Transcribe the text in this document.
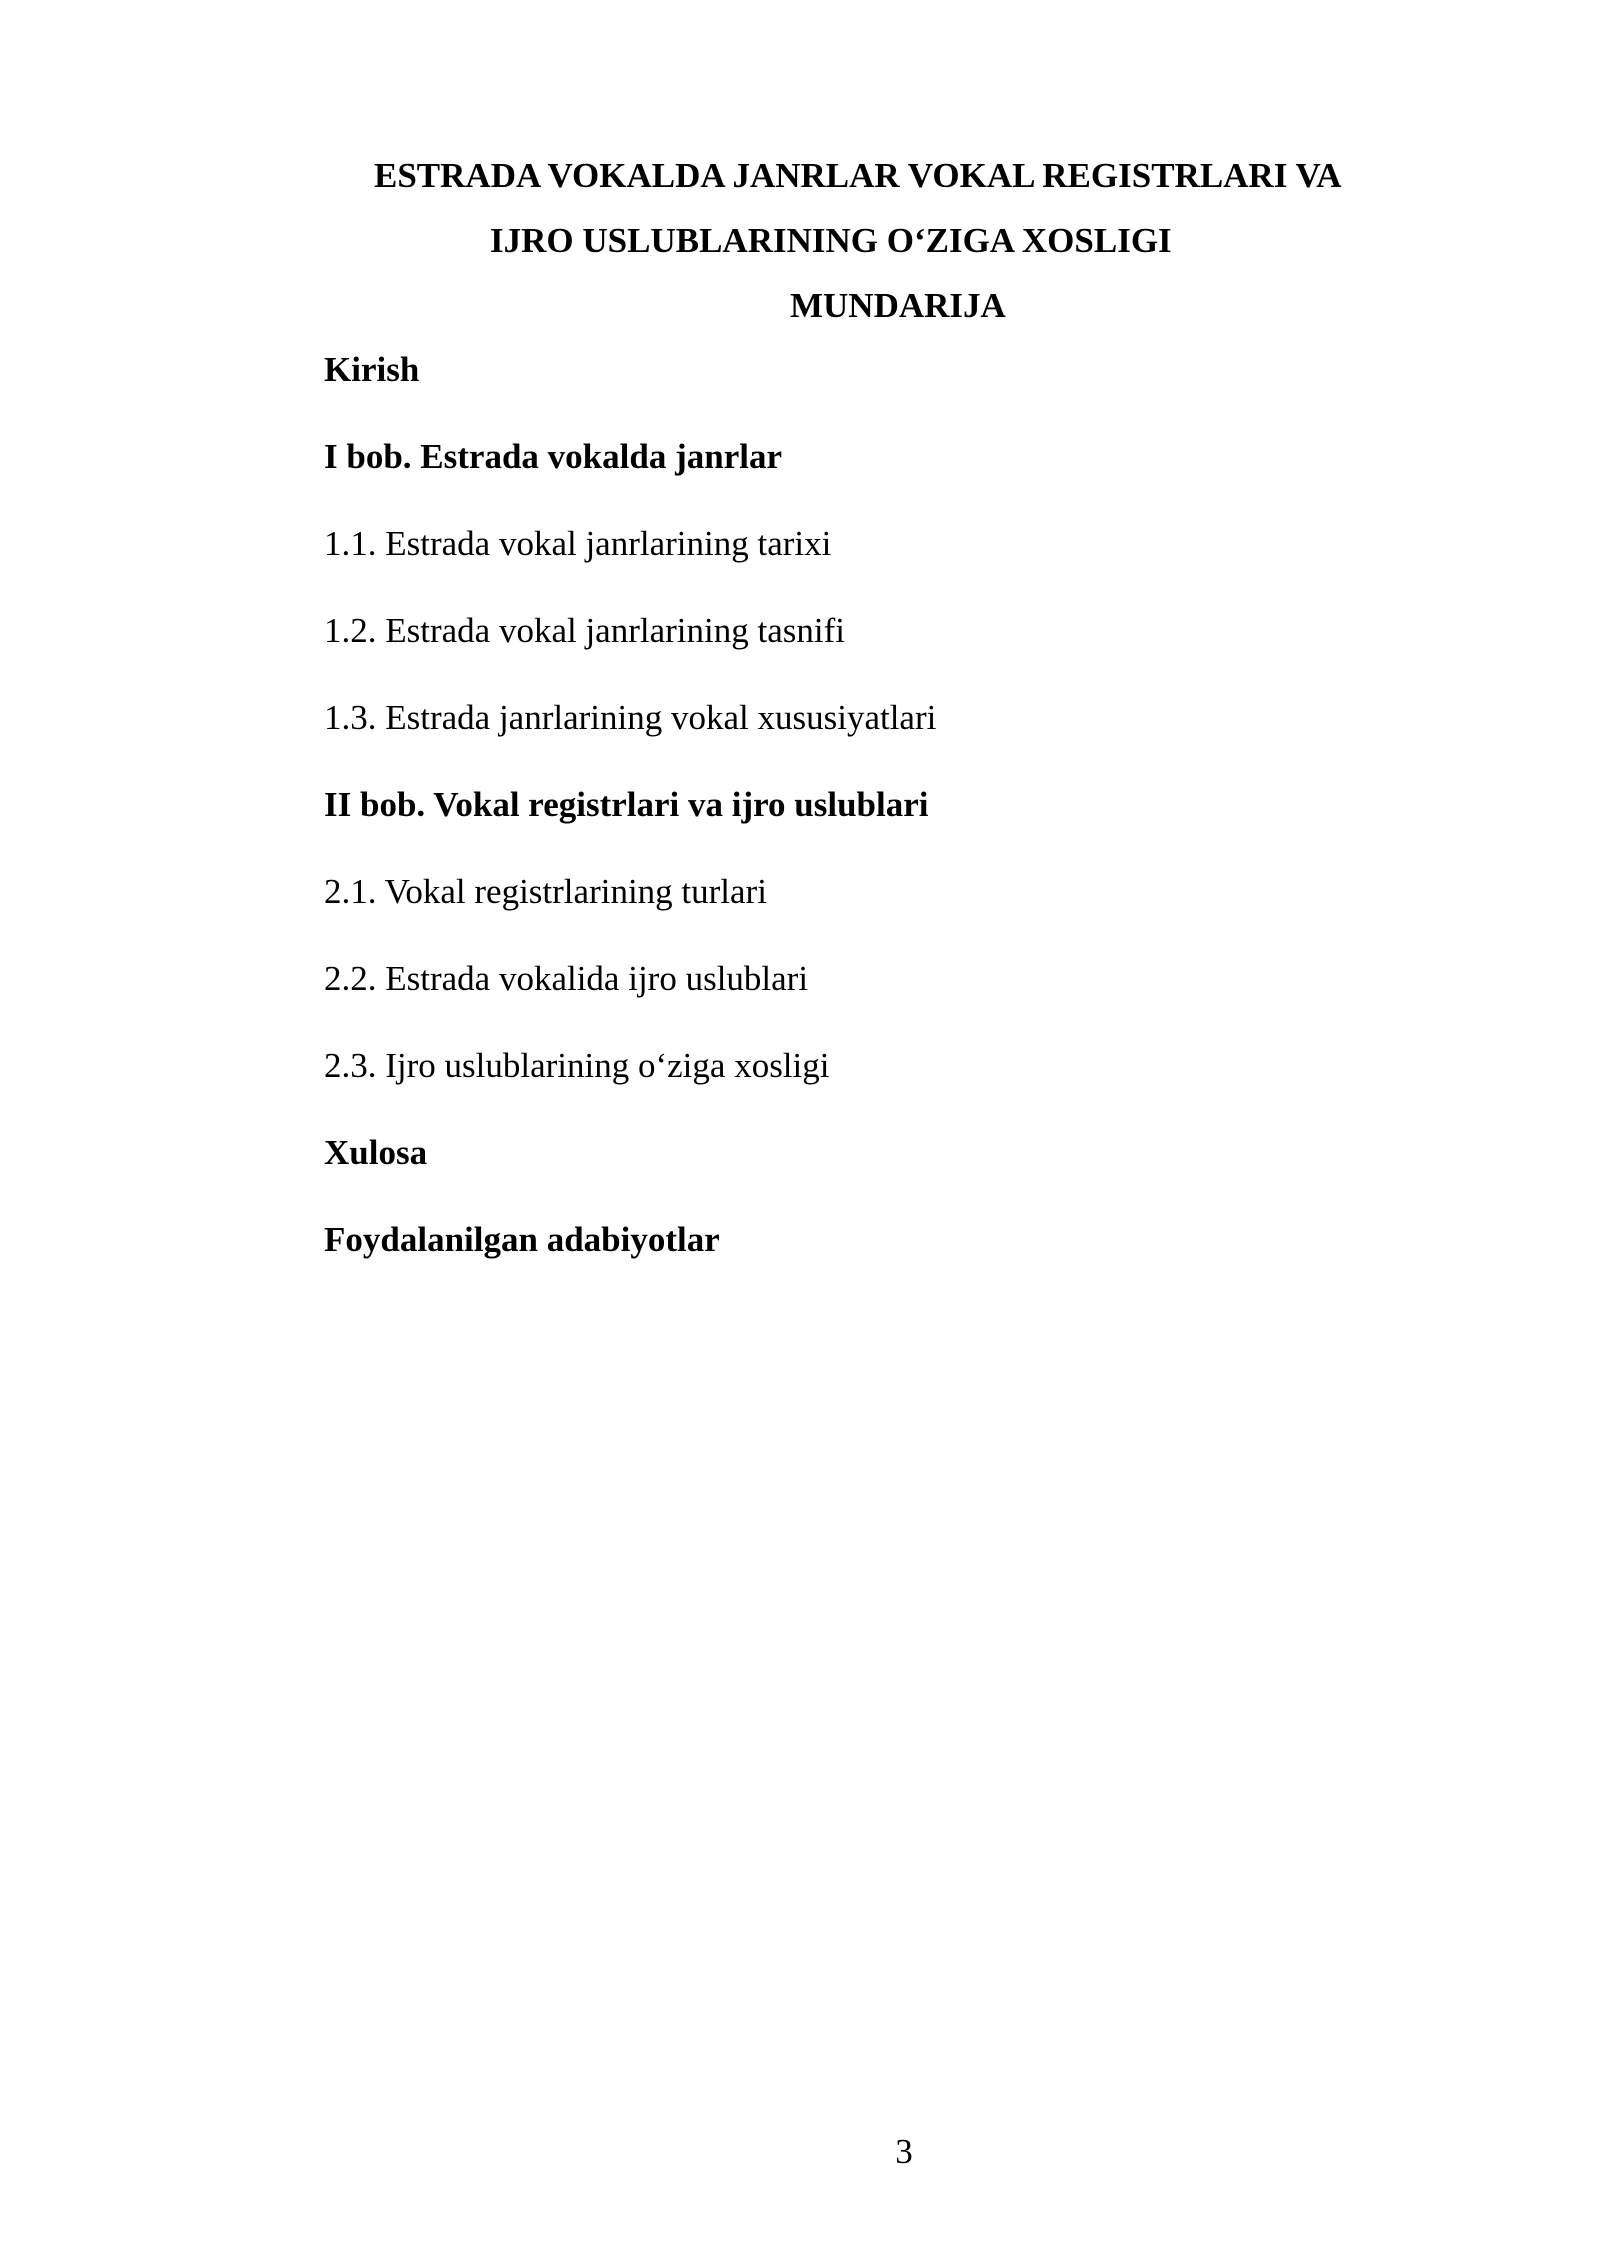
ESTRADA VOKALDA JANRLAR VOKAL REGISTRLARI VA
IJRO USLUBLARINING O‘ZIGA XOSLIGI
MUNDARIJA
Kirish
I bob. Estrada vokalda janrlar
1.1. Estrada vokal janrlarining tarixi
1.2. Estrada vokal janrlarining tasnifi
1.3. Estrada janrlarining vokal xususiyatlari
II bob. Vokal registrlari va ijro uslublari
2.1. Vokal registrlarining turlari
2.2. Estrada vokalida ijro uslublari
2.3. Ijro uslublarining o‘ziga xosligi
Xulosa
Foydalanilgan adabiyotlar
3
